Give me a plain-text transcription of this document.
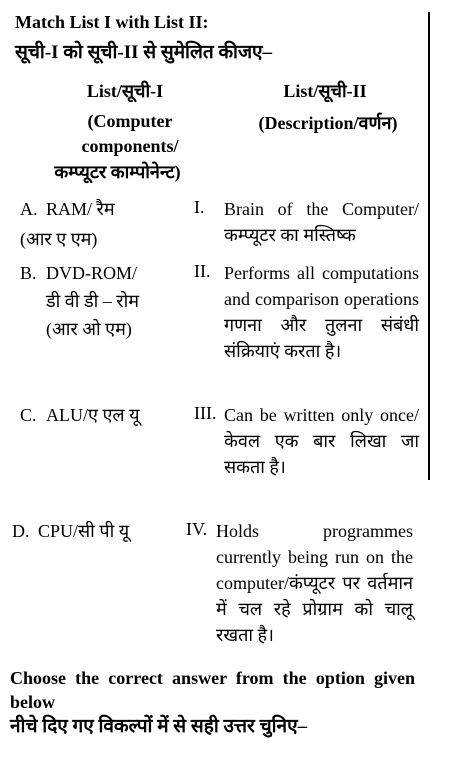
Match List I with List II:
सूची-I को सूची-II से सुमेलित कीजए–
List/सूची-I
(Computer
components/
कम्प्यूटर काम्पोनेन्ट)
List/सूची-II
(Description/वर्णन)
A. RAM/ रैम
(आर ए एम)
I. Brain of the Computer/ कम्प्यूटर का मस्तिष्क
B. DVD-ROM/
डी वी डी – रोम
(आर ओ एम)
II. Performs all computations and comparison operations गणना और तुलना संबंधी संक्रियाएं करता है।
C. ALU/ए एल यू	III. Can be written only once/केवल एक बार लिखा जा सकता है।
D. CPU/सी पी यू	IV. Holds programmes currently being run on the computer/कंप्यूटर पर वर्तमान में चल रहे प्रोग्राम को चालू रखता है।
Choose the correct answer from the option given below
नीचे दिए गए विकल्पों में से सही उत्तर चुनिए–
